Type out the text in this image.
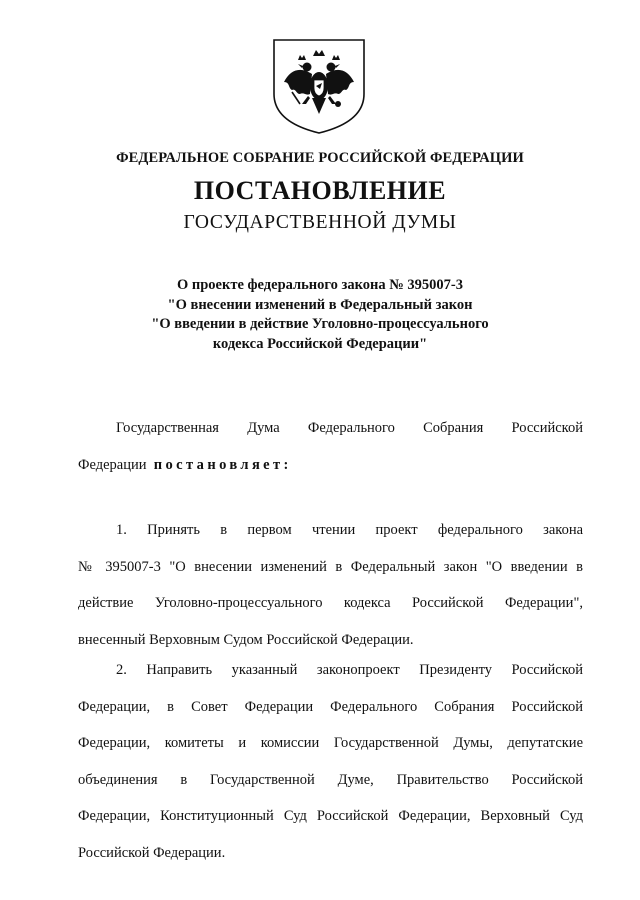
ФЕДЕРАЛЬНОЕ СОБРАНИЕ РОССИЙСКОЙ ФЕДЕРАЦИИ
ПОСТАНОВЛЕНИЕ
ГОСУДАРСТВЕННОЙ ДУМЫ
О проекте федерального закона № 395007-3
"О внесении изменений в Федеральный закон
"О введении в действие Уголовно-процессуального
кодекса Российской Федерации"
Государственная Дума Федерального Собрания Российской
Федерации постановляет:
1. Принять в первом чтении проект федерального закона
№ 395007-3 "О внесении изменений в Федеральный закон "О введении в
действие Уголовно-процессуального кодекса Российской Федерации",
внесенный Верховным Судом Российской Федерации.
2. Направить указанный законопроект Президенту Российской
Федерации, в Совет Федерации Федерального Собрания Российской
Федерации, комитеты и комиссии Государственной Думы, депутатские
объединения в Государственной Думе, Правительство Российской
Федерации, Конституционный Суд Российской Федерации, Верховный Суд
Российской Федерации.
